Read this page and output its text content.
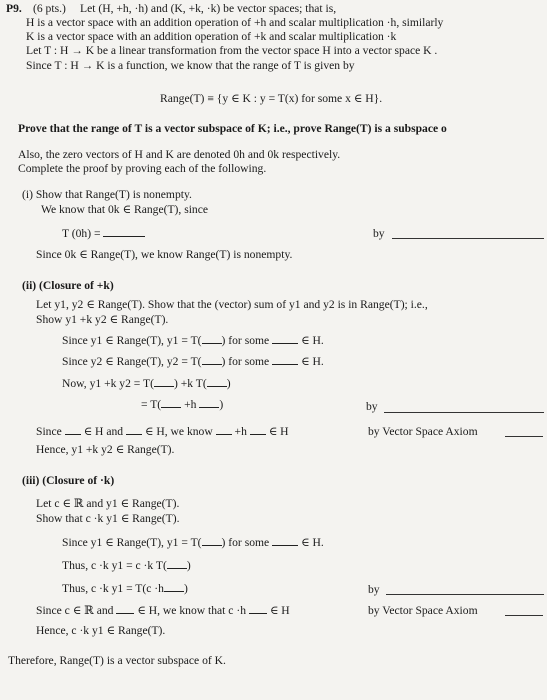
P9. (6 pts.) Let (H, +h, ·h) and (K, +k, ·k) be vector spaces; that is,
H is a vector space with an addition operation of +h and scalar multiplication ·h, similarly
K is a vector space with an addition operation of +k and scalar multiplication ·k
Let T : H → K be a linear transformation from the vector space H into a vector space K .
Since T : H → K is a function, we know that the range of T is given by
Range(T) ≡ {y ∈ K : y = T(x) for some x ∈ H}.
Prove that the range of T is a vector subspace of K; i.e., prove Range(T) is a subspace o
Also, the zero vectors of H and K are denoted 0h and 0k respectively.
Complete the proof by proving each of the following.
(i) Show that Range(T) is nonempty.
We know that 0k ∈ Range(T), since
T (0h) =	by
Since 0k ∈ Range(T), we know Range(T) is nonempty.
(ii) (Closure of +k)
Let y1, y2 ∈ Range(T). Show that the (vector) sum of y1 and y2 is in Range(T); i.e.,
Show y1 +k y2 ∈ Range(T).
Since y1 ∈ Range(T), y1 = T( ) for some	∈ H.
Since y2 ∈ Range(T), y2 = T( ) for some	∈ H.
Now, y1 +k y2 = T( ) +k T( )
= T( +h )	by
Since ∈ H and ∈ H, we know +h ∈ H	by Vector Space Axiom
Hence, y1 +k y2 ∈ Range(T).
(iii) (Closure of ·k)
Let c ∈ ℝ and y1 ∈ Range(T).
Show that c ·k y1 ∈ Range(T).
Since y1 ∈ Range(T), y1 = T( ) for some	∈ H.
Thus, c ·k y1 = c ·k T( )
Thus, c ·k y1 = T(c ·h )	by
Since c ∈ ℝ and ∈ H, we know that c ·h ∈ H	by Vector Space Axiom
Hence, c ·k y1 ∈ Range(T).
Therefore, Range(T) is a vector subspace of K.
